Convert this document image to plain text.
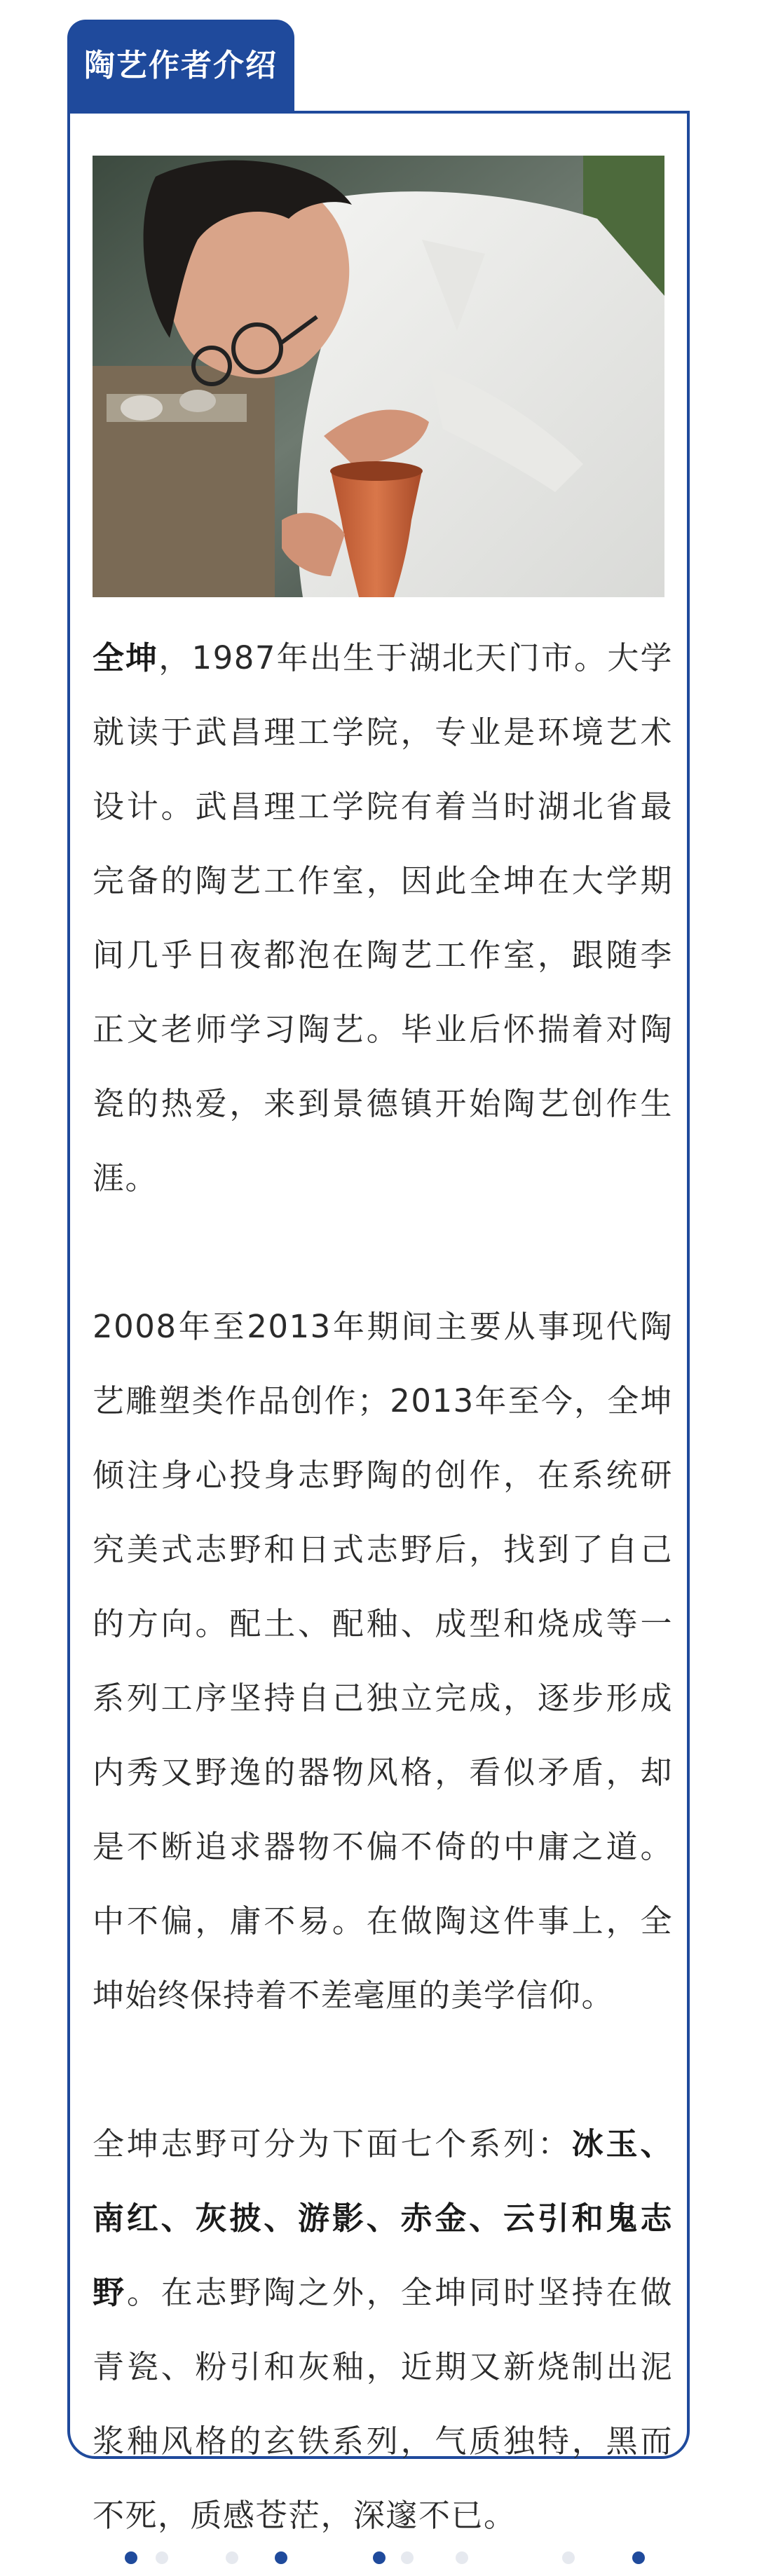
陶艺作者介绍

全坤，1987年出生于湖北天门市。大学就读于武昌理工学院，专业是环境艺术设计。武昌理工学院有着当时湖北省最完备的陶艺工作室，因此全坤在大学期间几乎日夜都泡在陶艺工作室，跟随李正文老师学习陶艺。毕业后怀揣着对陶瓷的热爱，来到景德镇开始陶艺创作生涯。

2008年至2013年期间主要从事现代陶艺雕塑类作品创作；2013年至今，全坤倾注身心投身志野陶的创作，在系统研究美式志野和日式志野后，找到了自己的方向。配土、配釉、成型和烧成等一系列工序坚持自己独立完成，逐步形成内秀又野逸的器物风格，看似矛盾，却是不断追求器物不偏不倚的中庸之道。中不偏，庸不易。在做陶这件事上，全坤始终保持着不差毫厘的美学信仰。

全坤志野可分为下面七个系列：冰玉、南红、灰披、游影、赤金、云引和鬼志野。在志野陶之外，全坤同时坚持在做青瓷、粉引和灰釉，近期又新烧制出泥浆釉风格的玄铁系列，气质独特，黑而不死，质感苍茫，深邃不已。
